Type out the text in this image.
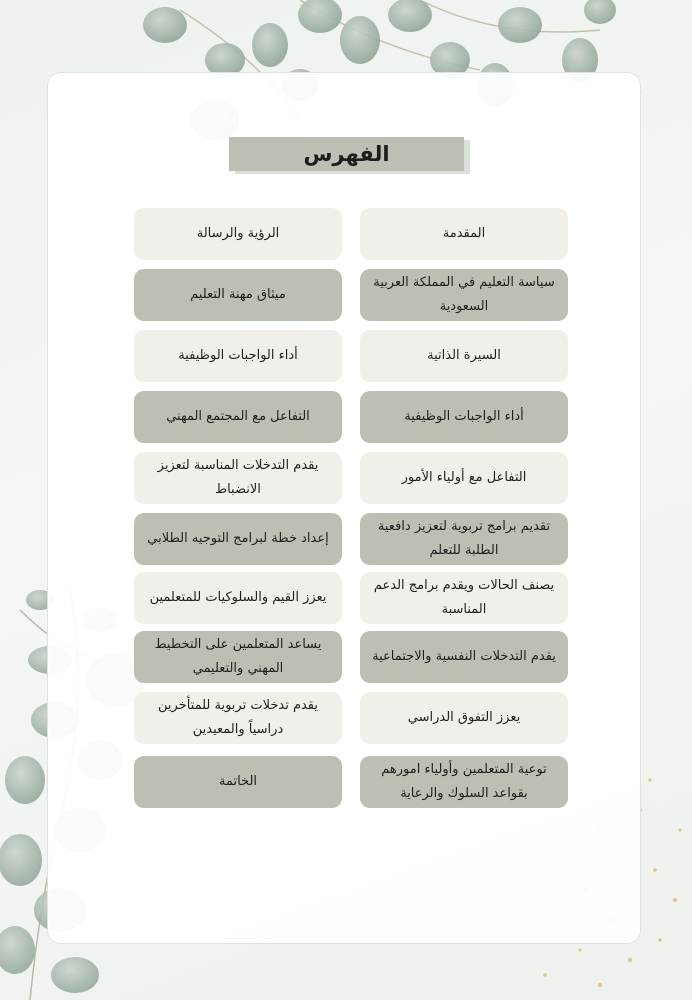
الفهرس
المقدمة
الرؤية والرسالة
سياسة التعليم في المملكة العربية السعودية
ميثاق مهنة التعليم
السيرة الذاتية
أداء الواجبات الوظيفية
أداء الواجبات الوظيفية
التفاعل مع المجتمع المهني
التفاعل مع أولياء الأمور
يقدم التدخلات المناسبة لتعزيز الانضباط
تقديم برامج تربوية لتعزيز دافعية الطلبة للتعلم
إعداد خطة لبرامج التوجيه الطلابي
يصنف الحالات ويقدم برامج الدعم المناسبة
يعزز القيم والسلوكيات للمتعلمين
يقدم التدخلات النفسية والاجتماعية
يساعد المتعلمين على التخطيط المهني والتعليمي
يعزز التفوق الدراسي
يقدم تدخلات تربوية للمتأخرين دراسياً والمعيدين
توعية المتعلمين وأولياء امورهم بقواعد السلوك والرعاية
الخاتمة
